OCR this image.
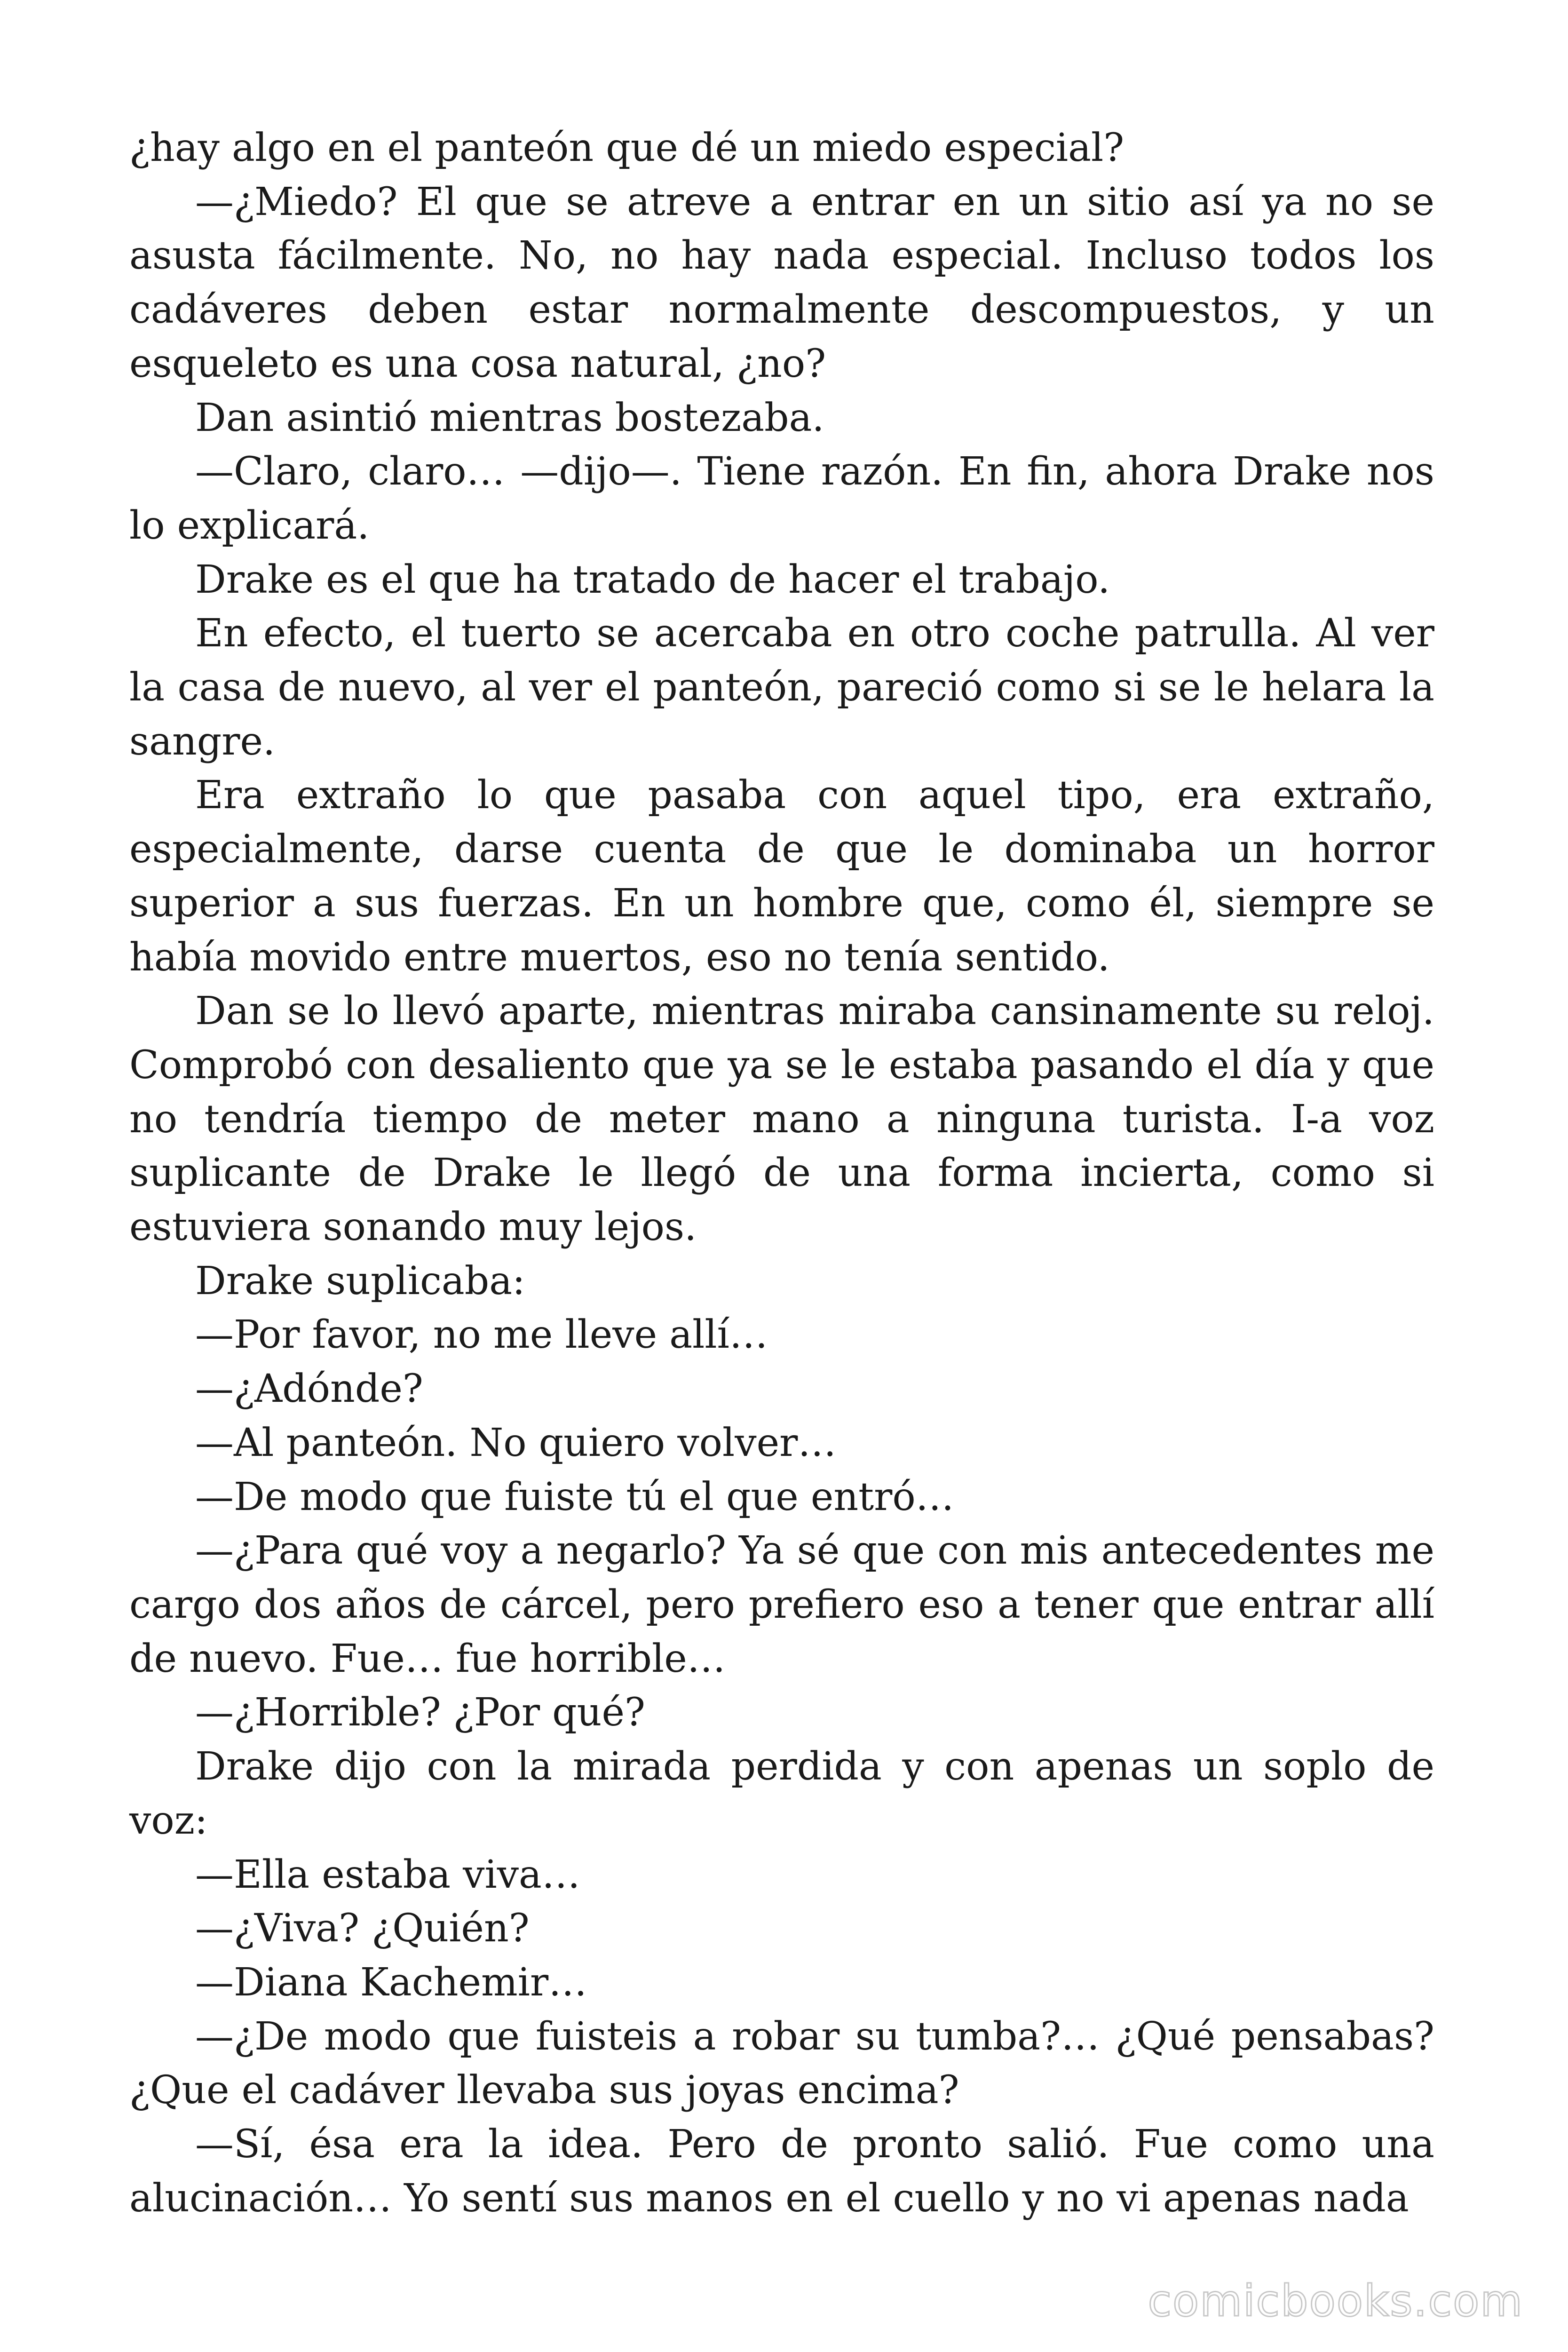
¿hay algo en el panteón que dé un miedo especial?

—¿Miedo? El que se atreve a entrar en un sitio así ya no se asusta fácilmente. No, no hay nada especial. Incluso todos los cadáveres deben estar normalmente descompuestos, y un esqueleto es una cosa natural, ¿no?

Dan asintió mientras bostezaba.

—Claro, claro… —dijo—. Tiene razón. En fin, ahora Drake nos lo explicará.

Drake es el que ha tratado de hacer el trabajo.

En efecto, el tuerto se acercaba en otro coche patrulla. Al ver la casa de nuevo, al ver el panteón, pareció como si se le helara la sangre.

Era extraño lo que pasaba con aquel tipo, era extraño, especialmente, darse cuenta de que le dominaba un horror superior a sus fuerzas. En un hombre que, como él, siempre se había movido entre muertos, eso no tenía sentido.

Dan se lo llevó aparte, mientras miraba cansinamente su reloj. Comprobó con desaliento que ya se le estaba pasando el día y que no tendría tiempo de meter mano a ninguna turista. I-a voz suplicante de Drake le llegó de una forma incierta, como si estuviera sonando muy lejos.

Drake suplicaba:

—Por favor, no me lleve allí…

—¿Adónde?

—Al panteón. No quiero volver…

—De modo que fuiste tú el que entró…

—¿Para qué voy a negarlo? Ya sé que con mis antecedentes me cargo dos años de cárcel, pero prefiero eso a tener que entrar allí de nuevo. Fue… fue horrible…

—¿Horrible? ¿Por qué?

Drake dijo con la mirada perdida y con apenas un soplo de voz:

—Ella estaba viva…

—¿Viva? ¿Quién?

—Diana Kachemir…

—¿De modo que fuisteis a robar su tumba?… ¿Qué pensabas? ¿Que el cadáver llevaba sus joyas encima?

—Sí, ésa era la idea. Pero de pronto salió. Fue como una alucinación… Yo sentí sus manos en el cuello y no vi apenas nada

comicbooks.com
